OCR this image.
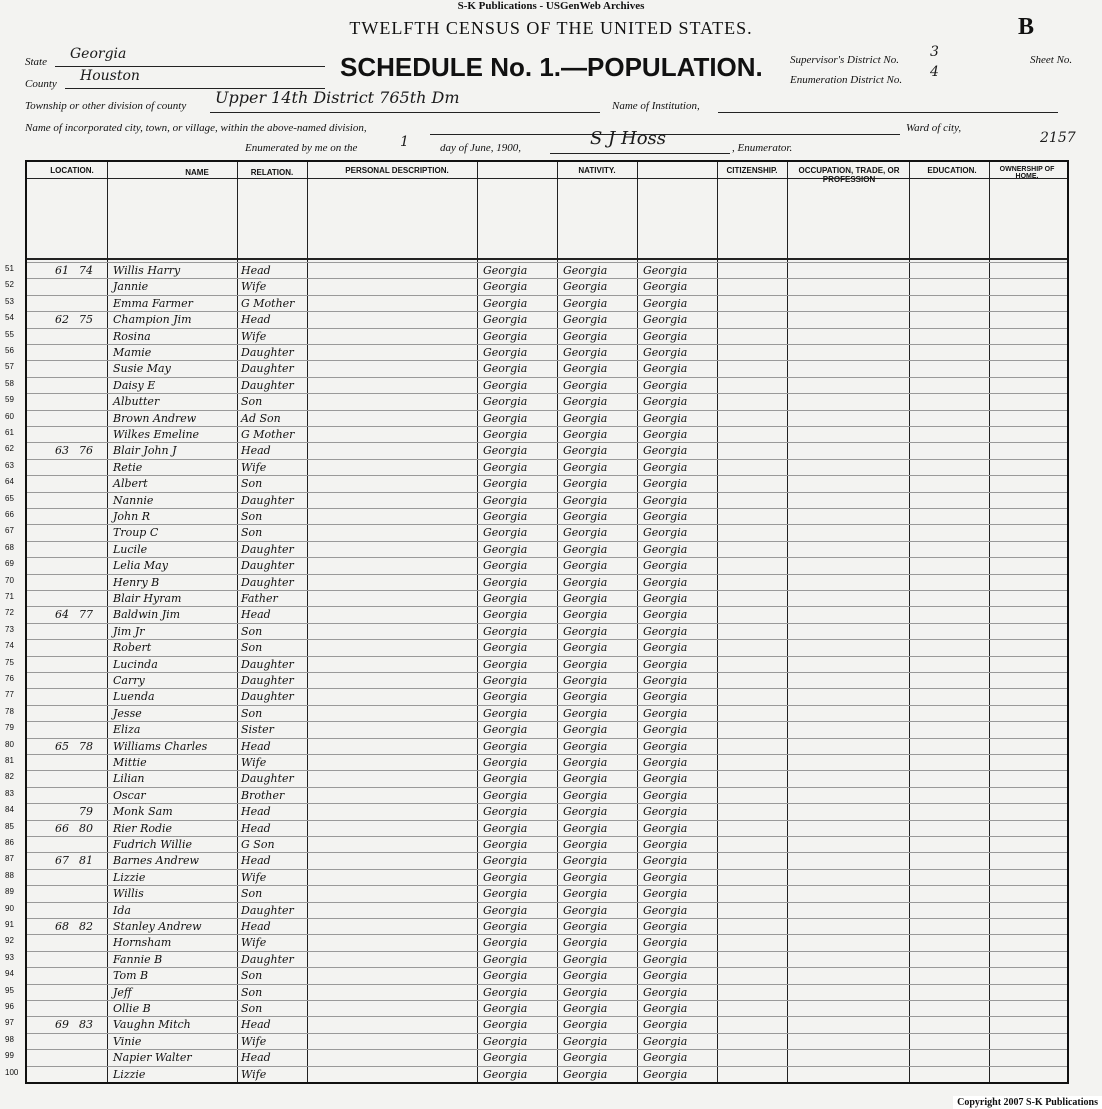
S-K Publications - USGenWeb Archives
TWELFTH CENSUS OF THE UNITED STATES.	B
SCHEDULE No. 1.—POPULATION.
State Georgia
County Houston
Township or other division of county Upper 14th District 765th Dm	Name of Institution,
Name of incorporated city, town, or village, within the above-named division,	Ward of city,
Enumerated by me on the	1	day of June, 1900,	S J Hoss	, Enumerator.
Supervisor's District No. 3
Enumeration District No. 4
Sheet No.
2157
LOCATION.	NAME	RELATION.	PERSONAL DESCRIPTION.	NATIVITY.	CITIZENSHIP.	OCCUPATION, TRADE, OR PROFESSION
EDUCATION.	OWNERSHIP OF HOME.
51	61 74 Willis Harry	Head	Georgia	Georgia	Georgia
52	Jannie	Wife	Georgia	Georgia	Georgia
53	Emma Farmer	G Mother	Georgia	Georgia	Georgia
54	62 75 Champion Jim	Head	Georgia	Georgia	Georgia
55	Rosina	Wife	Georgia	Georgia	Georgia
56	Mamie	Daughter	Georgia	Georgia	Georgia
57	Susie May	Daughter	Georgia	Georgia	Georgia
58	Daisy E	Daughter	Georgia	Georgia	Georgia
59	Albutter	Son	Georgia	Georgia	Georgia
60	Brown Andrew	Ad Son	Georgia	Georgia	Georgia
61	Wilkes Emeline	G Mother	Georgia	Georgia	Georgia
62	63 76 Blair John J	Head	Georgia	Georgia	Georgia
63	Retie	Wife	Georgia	Georgia	Georgia
64	Albert	Son	Georgia	Georgia	Georgia
65	Nannie	Daughter	Georgia	Georgia	Georgia
66	John R	Son	Georgia	Georgia	Georgia
67	Troup C	Son	Georgia	Georgia	Georgia
68	Lucile	Daughter	Georgia	Georgia	Georgia
69	Lelia May	Daughter	Georgia	Georgia	Georgia
70	Henry B	Daughter	Georgia	Georgia	Georgia
71	Blair Hyram	Father	Georgia	Georgia	Georgia
72	64 77 Baldwin Jim	Head	Georgia	Georgia	Georgia
73	Jim Jr	Son	Georgia	Georgia	Georgia
74	Robert	Son	Georgia	Georgia	Georgia
75	Lucinda	Daughter	Georgia	Georgia	Georgia
76	Carry	Daughter	Georgia	Georgia	Georgia
77	Luenda	Daughter	Georgia	Georgia	Georgia
78	Jesse	Son	Georgia	Georgia	Georgia
79	Eliza	Sister	Georgia	Georgia	Georgia
80	65 78 Williams Charles	Head	Georgia	Georgia	Georgia
81	Mittie	Wife	Georgia	Georgia	Georgia
82	Lilian	Daughter	Georgia	Georgia	Georgia
83	Oscar	Brother	Georgia	Georgia	Georgia
84	79 Monk Sam	Head	Georgia	Georgia	Georgia
85	66 80 Rier Rodie	Head	Georgia	Georgia	Georgia
86	Fudrich Willie	G Son	Georgia	Georgia	Georgia
87	67 81 Barnes Andrew	Head	Georgia	Georgia	Georgia
88	Lizzie	Wife	Georgia	Georgia	Georgia
89	Willis	Son	Georgia	Georgia	Georgia
90	Ida	Daughter	Georgia	Georgia	Georgia
91	68 82 Stanley Andrew	Head	Georgia	Georgia	Georgia
92	Hornsham	Wife	Georgia	Georgia	Georgia
93	Fannie B	Daughter	Georgia	Georgia	Georgia
94	Tom B	Son	Georgia	Georgia	Georgia
95	Jeff	Son	Georgia	Georgia	Georgia
96	Ollie B	Son	Georgia	Georgia	Georgia
97	69 83 Vaughn Mitch	Head	Georgia	Georgia	Georgia
98	Vinie	Wife	Georgia	Georgia	Georgia
99	Napier Walter	Head	Georgia	Georgia	Georgia
100	Lizzie	Wife	Georgia	Georgia	Georgia
Copyright 2007 S-K Publications
